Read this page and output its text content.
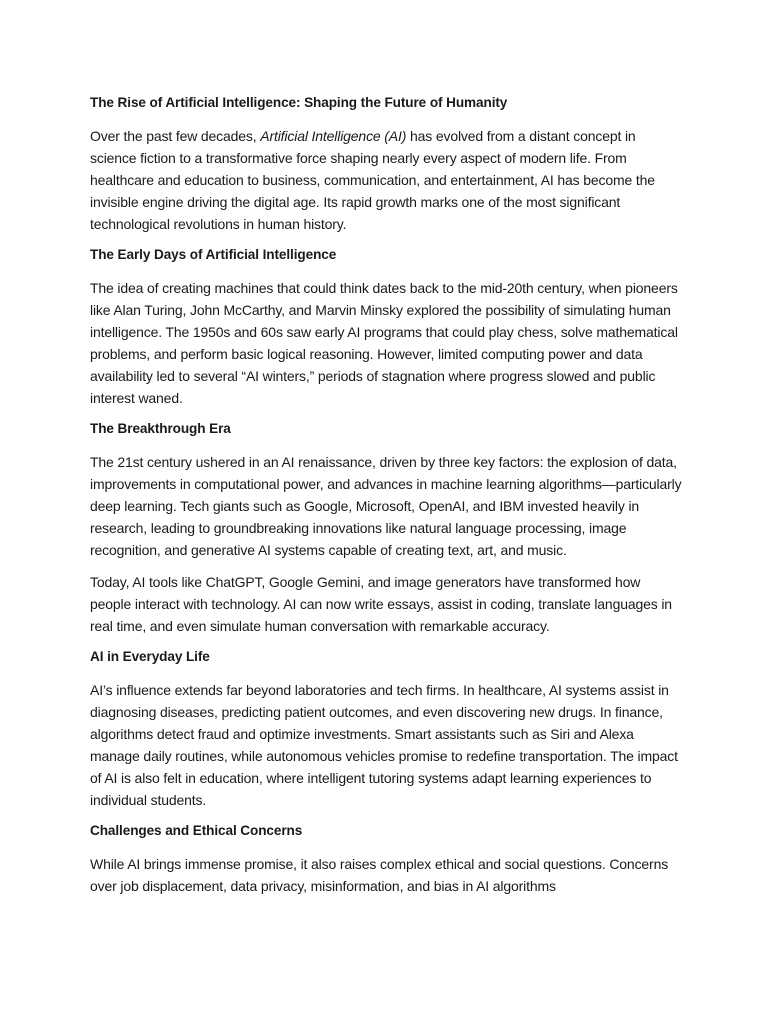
The Rise of Artificial Intelligence: Shaping the Future of Humanity

Over the past few decades, Artificial Intelligence (AI) has evolved from a distant concept in science fiction to a transformative force shaping nearly every aspect of modern life. From healthcare and education to business, communication, and entertainment, AI has become the invisible engine driving the digital age. Its rapid growth marks one of the most significant technological revolutions in human history.

The Early Days of Artificial Intelligence

The idea of creating machines that could think dates back to the mid-20th century, when pioneers like Alan Turing, John McCarthy, and Marvin Minsky explored the possibility of simulating human intelligence. The 1950s and 60s saw early AI programs that could play chess, solve mathematical problems, and perform basic logical reasoning. However, limited computing power and data availability led to several “AI winters,” periods of stagnation where progress slowed and public interest waned.

The Breakthrough Era

The 21st century ushered in an AI renaissance, driven by three key factors: the explosion of data, improvements in computational power, and advances in machine learning algorithms—particularly deep learning. Tech giants such as Google, Microsoft, OpenAI, and IBM invested heavily in research, leading to groundbreaking innovations like natural language processing, image recognition, and generative AI systems capable of creating text, art, and music.

Today, AI tools like ChatGPT, Google Gemini, and image generators have transformed how people interact with technology. AI can now write essays, assist in coding, translate languages in real time, and even simulate human conversation with remarkable accuracy.

AI in Everyday Life

AI’s influence extends far beyond laboratories and tech firms. In healthcare, AI systems assist in diagnosing diseases, predicting patient outcomes, and even discovering new drugs. In finance, algorithms detect fraud and optimize investments. Smart assistants such as Siri and Alexa manage daily routines, while autonomous vehicles promise to redefine transportation. The impact of AI is also felt in education, where intelligent tutoring systems adapt learning experiences to individual students.

Challenges and Ethical Concerns

While AI brings immense promise, it also raises complex ethical and social questions. Concerns over job displacement, data privacy, misinformation, and bias in AI algorithms
